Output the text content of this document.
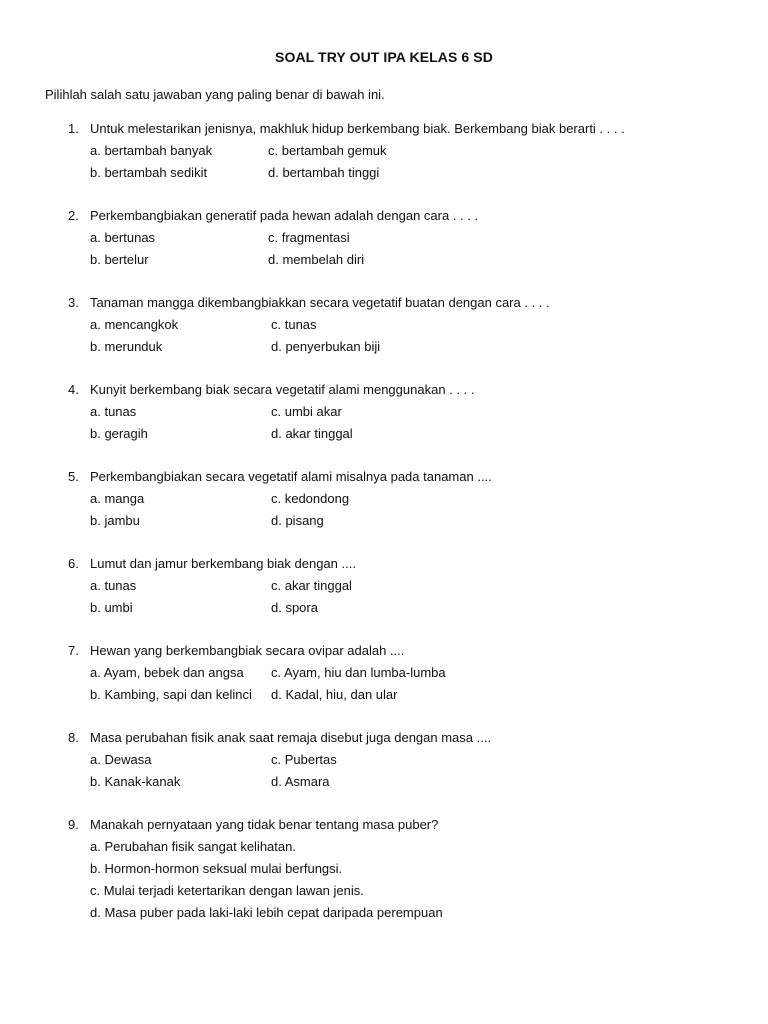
SOAL TRY OUT IPA KELAS 6 SD
Pilihlah salah satu jawaban yang paling benar di bawah ini.
1. Untuk melestarikan jenisnya, makhluk hidup berkembang biak. Berkembang biak berarti . . . .
a. bertambah banyak	c. bertambah gemuk
b. bertambah sedikit	d. bertambah tinggi
2. Perkembangbiakan generatif pada hewan adalah dengan cara . . . .
a. bertunas	c. fragmentasi
b. bertelur	d. membelah diri
3. Tanaman mangga dikembangbiakkan secara vegetatif buatan dengan cara . . . .
a. mencangkok	c. tunas
b. merunduk	d. penyerbukan biji
4. Kunyit berkembang biak secara vegetatif alami menggunakan . . . .
a. tunas	c. umbi akar
b. geragih	d. akar tinggal
5. Perkembangbiakan secara vegetatif alami misalnya pada tanaman ....
a. manga	c. kedondong
b. jambu	d. pisang
6. Lumut dan jamur berkembang biak dengan ....
a. tunas	c. akar tinggal
b. umbi	d. spora
7. Hewan yang berkembangbiak secara ovipar adalah ....
a. Ayam, bebek dan angsa c. Ayam, hiu dan lumba-lumba
b. Kambing, sapi dan kelinci d. Kadal, hiu, dan ular
8. Masa perubahan fisik anak saat remaja disebut juga dengan masa ....
a. Dewasa	c. Pubertas
b. Kanak-kanak	d. Asmara
9. Manakah pernyataan yang tidak benar tentang masa puber?
a. Perubahan fisik sangat kelihatan.
b. Hormon-hormon seksual mulai berfungsi.
c. Mulai terjadi ketertarikan dengan lawan jenis.
d. Masa puber pada laki-laki lebih cepat daripada perempuan
